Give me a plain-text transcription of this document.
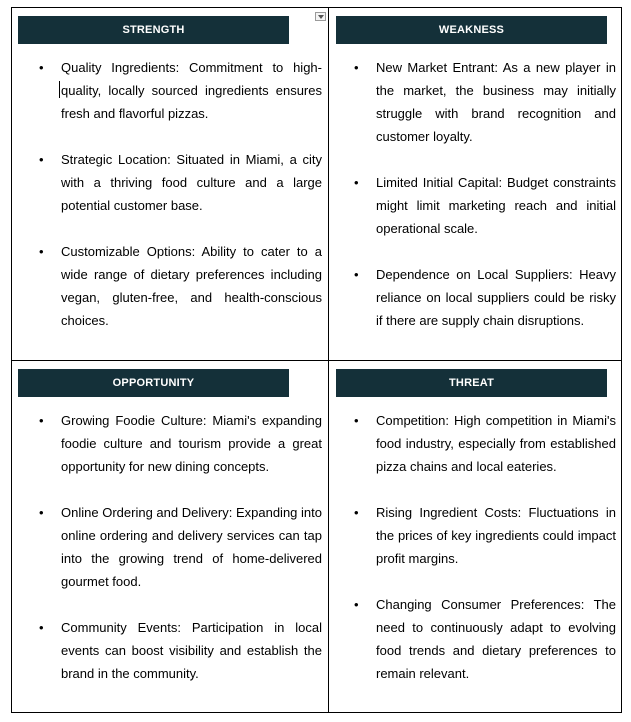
STRENGTH
• Quality Ingredients: Commitment to high-quality, locally sourced ingredients ensures fresh and flavorful pizzas.
• Strategic Location: Situated in Miami, a city with a thriving food culture and a large potential customer base.
• Customizable Options: Ability to cater to a wide range of dietary preferences including vegan, gluten-free, and health-conscious choices.
WEAKNESS
• New Market Entrant: As a new player in the market, the business may initially struggle with brand recognition and customer loyalty.
• Limited Initial Capital: Budget constraints might limit marketing reach and initial operational scale.
• Dependence on Local Suppliers: Heavy reliance on local suppliers could be risky if there are supply chain disruptions.
OPPORTUNITY
• Growing Foodie Culture: Miami's expanding foodie culture and tourism provide a great opportunity for new dining concepts.
• Online Ordering and Delivery: Expanding into online ordering and delivery services can tap into the growing trend of home-delivered gourmet food.
• Community Events: Participation in local events can boost visibility and establish the brand in the community.
THREAT
• Competition: High competition in Miami's food industry, especially from established pizza chains and local eateries.
• Rising Ingredient Costs: Fluctuations in the prices of key ingredients could impact profit margins.
• Changing Consumer Preferences: The need to continuously adapt to evolving food trends and dietary preferences to remain relevant.
